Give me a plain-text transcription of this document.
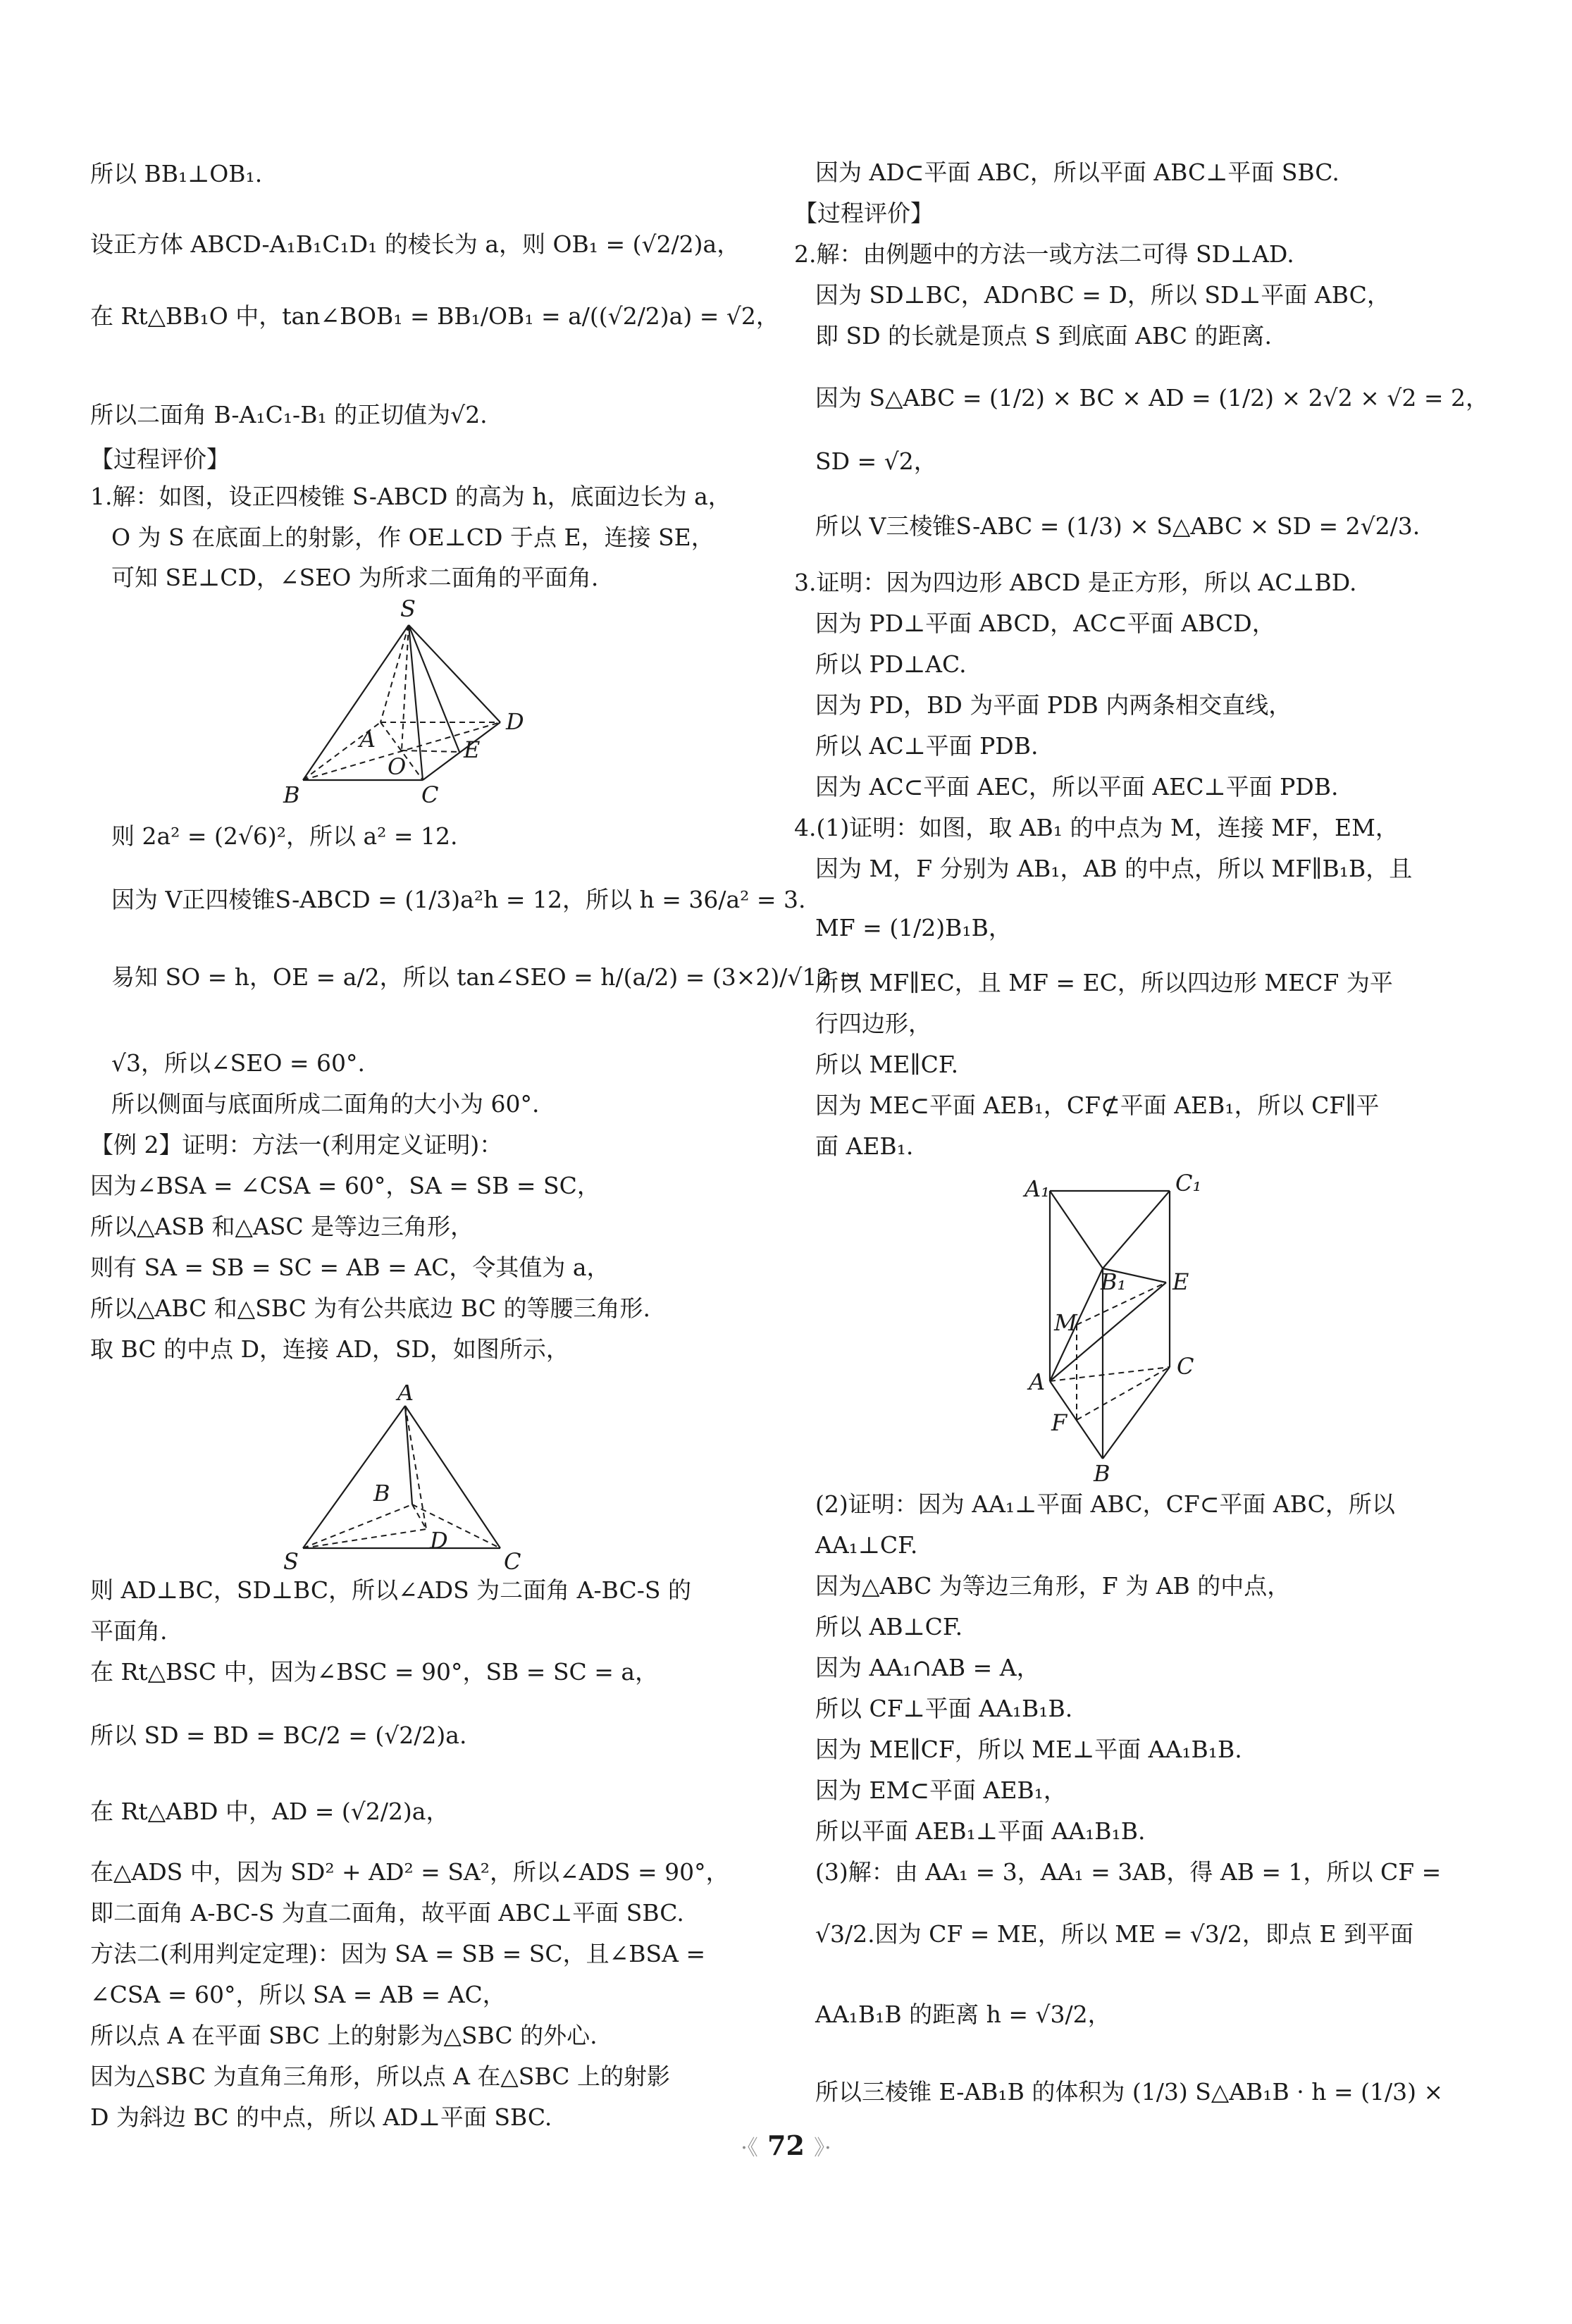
所以 BB₁⊥OB₁.
设正方体 ABCD-A₁B₁C₁D₁ 的棱长为 a，则 OB₁ = (√2/2)a，
在 Rt△BB₁O 中，tan∠BOB₁ = BB₁/OB₁ = a/((√2/2)a) = √2，
所以二面角 B-A₁C₁-B₁ 的正切值为√2.
【过程评价】
1.解：如图，设正四棱锥 S-ABCD 的高为 h，底面边长为 a，
O 为 S 在底面上的射影，作 OE⊥CD 于点 E，连接 SE，
可知 SE⊥CD，∠SEO 为所求二面角的平面角.
则 2a² = (2√6)²，所以 a² = 12.
因为 V正四棱锥S-ABCD = (1/3)a²h = 12，所以 h = 36/a² = 3.
易知 SO = h，OE = a/2，所以 tan∠SEO = h/(a/2) = (3×2)/√12 =
√3，所以∠SEO = 60°.
所以侧面与底面所成二面角的大小为 60°.
【例 2】证明：方法一(利用定义证明)：
因为∠BSA = ∠CSA = 60°，SA = SB = SC，
所以△ASB 和△ASC 是等边三角形，
则有 SA = SB = SC = AB = AC，令其值为 a，
所以△ABC 和△SBC 为有公共底边 BC 的等腰三角形.
取 BC 的中点 D，连接 AD，SD，如图所示，
则 AD⊥BC，SD⊥BC，所以∠ADS 为二面角 A-BC-S 的
平面角.
在 Rt△BSC 中，因为∠BSC = 90°，SB = SC = a，
所以 SD = BD = BC/2 = (√2/2)a.
在 Rt△ABD 中，AD = (√2/2)a，
在△ADS 中，因为 SD² + AD² = SA²，所以∠ADS = 90°，
即二面角 A-BC-S 为直二面角，故平面 ABC⊥平面 SBC.
方法二(利用判定定理)：因为 SA = SB = SC，且∠BSA =
∠CSA = 60°，所以 SA = AB = AC，
所以点 A 在平面 SBC 上的射影为△SBC 的外心.
因为△SBC 为直角三角形，所以点 A 在△SBC 上的射影
D 为斜边 BC 的中点，所以 AD⊥平面 SBC.
S
A
B	C
D
O
E
A
B
S
D
C
因为 AD⊂平面 ABC，所以平面 ABC⊥平面 SBC.
【过程评价】
2.解：由例题中的方法一或方法二可得 SD⊥AD.
因为 SD⊥BC，AD∩BC = D，所以 SD⊥平面 ABC，
即 SD 的长就是顶点 S 到底面 ABC 的距离.
因为 S△ABC = (1/2) × BC × AD = (1/2) × 2√2 × √2 = 2，
SD = √2，
所以 V三棱锥S-ABC = (1/3) × S△ABC × SD = 2√2/3.
3.证明：因为四边形 ABCD 是正方形，所以 AC⊥BD.
因为 PD⊥平面 ABCD，AC⊂平面 ABCD，
所以 PD⊥AC.
因为 PD，BD 为平面 PDB 内两条相交直线，
所以 AC⊥平面 PDB.
因为 AC⊂平面 AEC，所以平面 AEC⊥平面 PDB.
4.(1)证明：如图，取 AB₁ 的中点为 M，连接 MF，EM，
因为 M，F 分别为 AB₁，AB 的中点，所以 MF∥B₁B，且
MF = (1/2)B₁B，
所以 MF∥EC，且 MF = EC，所以四边形 MECF 为平
行四边形，
所以 ME∥CF.
因为 ME⊂平面 AEB₁，CF⊄平面 AEB₁，所以 CF∥平
面 AEB₁.
(2)证明：因为 AA₁⊥平面 ABC，CF⊂平面 ABC，所以
AA₁⊥CF.
因为△ABC 为等边三角形，F 为 AB 的中点，
所以 AB⊥CF.
因为 AA₁∩AB = A，
所以 CF⊥平面 AA₁B₁B.
因为 ME∥CF，所以 ME⊥平面 AA₁B₁B.
因为 EM⊂平面 AEB₁，
所以平面 AEB₁⊥平面 AA₁B₁B.
(3)解：由 AA₁ = 3，AA₁ = 3AB，得 AB = 1，所以 CF =
√3/2.因为 CF = ME，所以 ME = √3/2，即点 E 到平面
AA₁B₁B 的距离 h = √3/2，
所以三棱锥 E-AB₁B 的体积为 (1/3) S△AB₁B · h = (1/3) ×
A₁	C₁
B₁ E
M
A
C
F
B
·《 72 》·
